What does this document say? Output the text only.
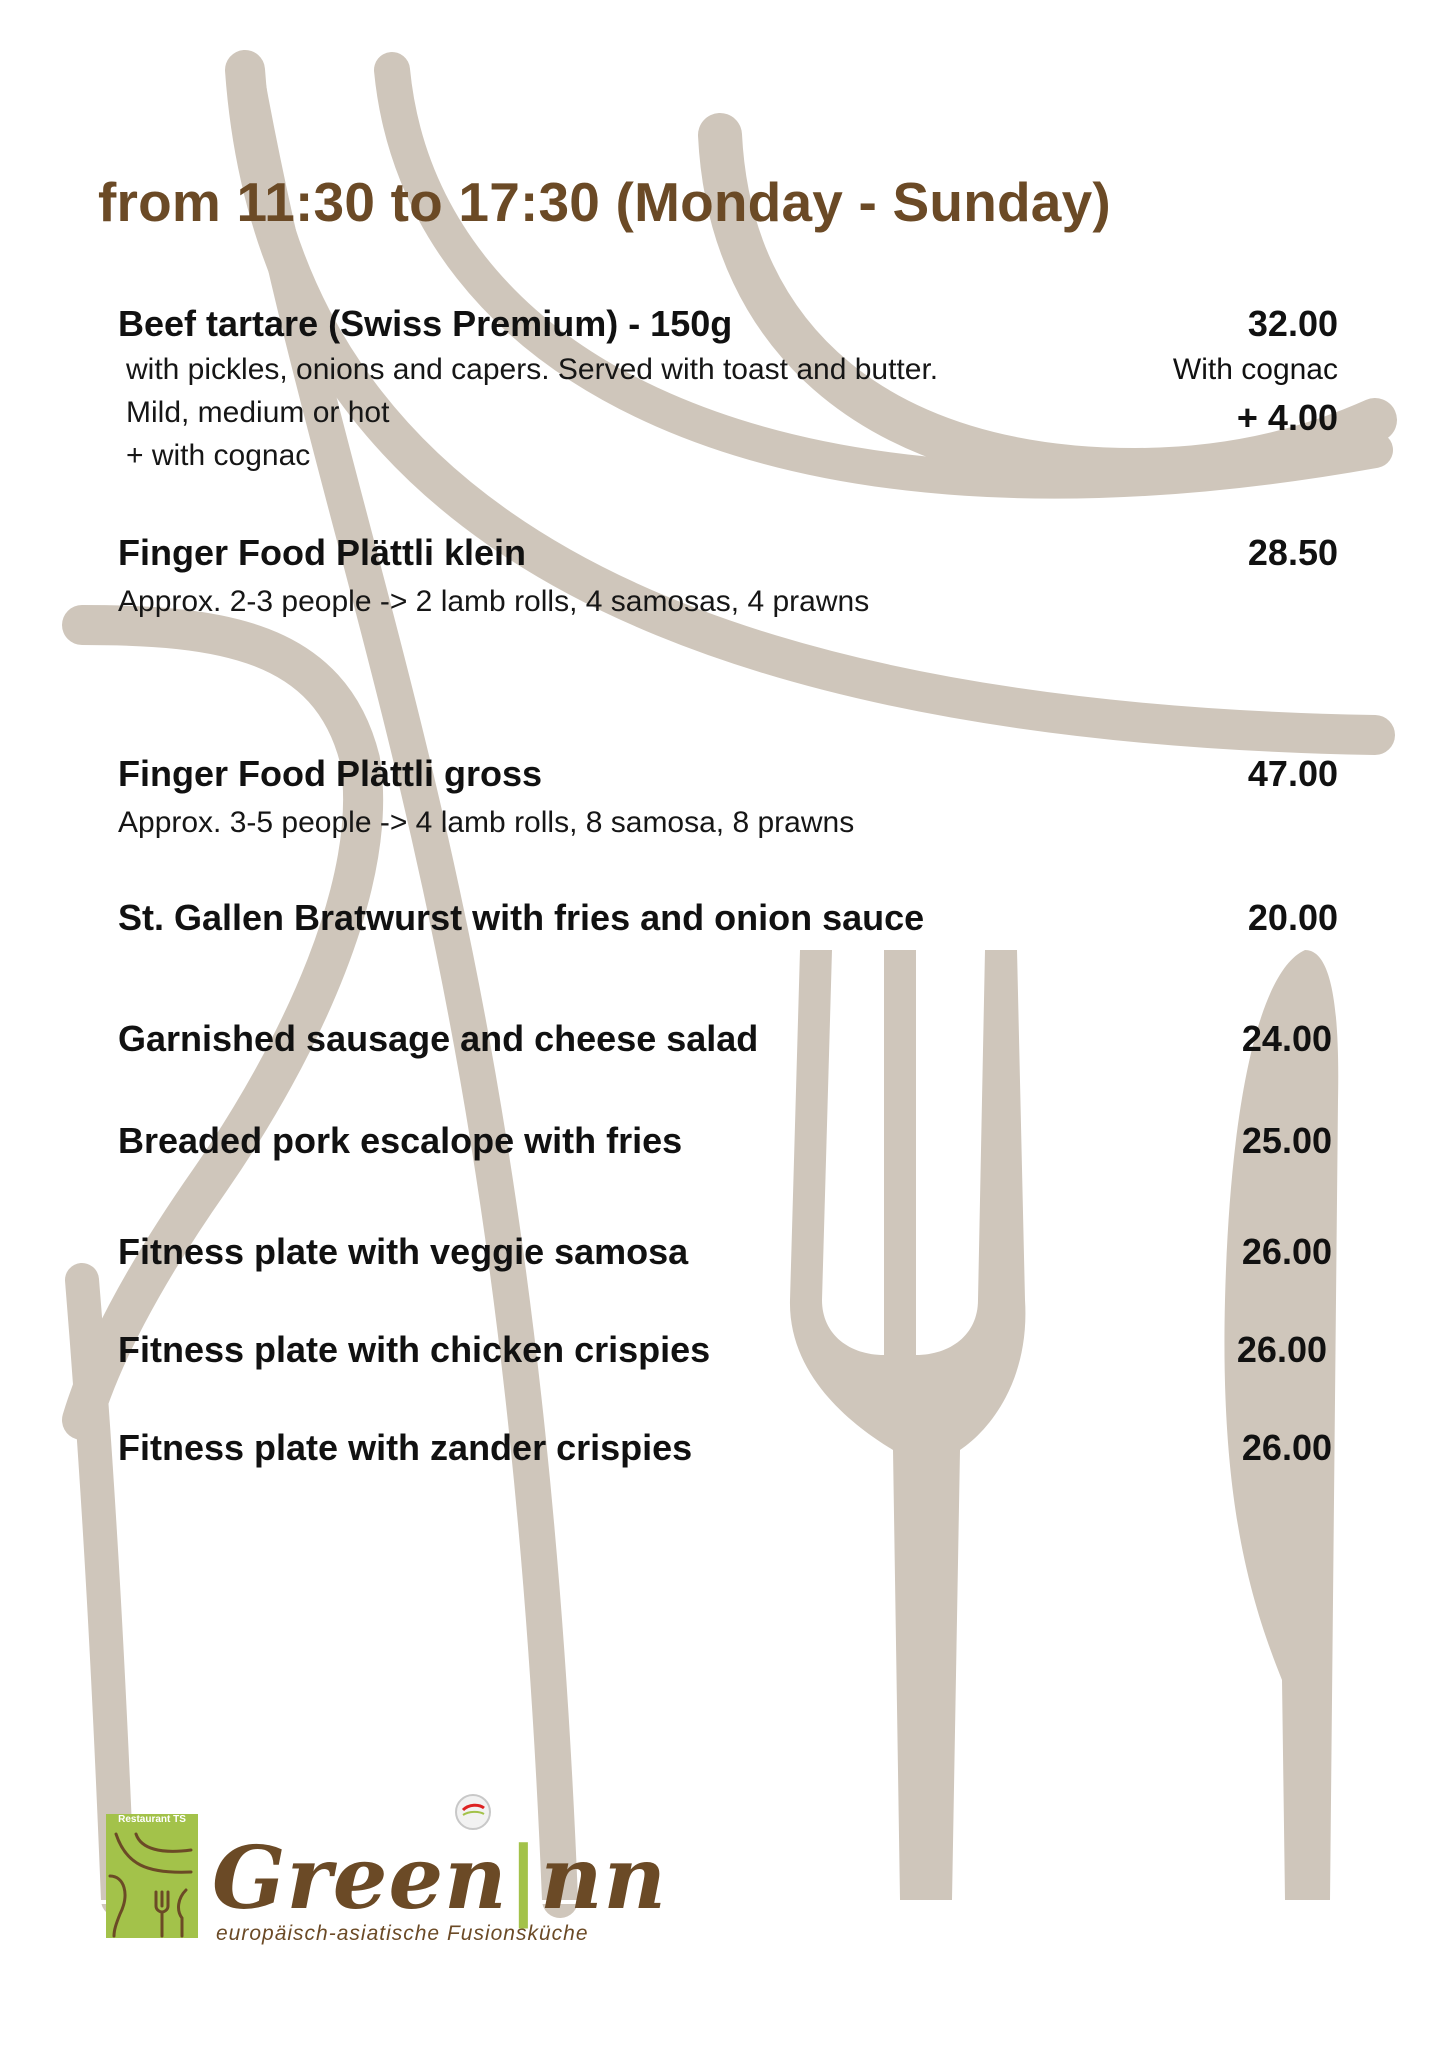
from 11:30 to 17:30 (Monday - Sunday)
Beef tartare (Swiss Premium) - 150g	32.00
with pickles, onions and capers. Served with toast and butter.
Mild, medium or hot
+ with cognac
With cognac
+ 4.00
Finger Food Plättli klein	28.50
Approx. 2-3 people -> 2 lamb rolls, 4 samosas, 4 prawns
Finger Food Plättli gross	47.00
Approx. 3-5 people -> 4 lamb rolls, 8 samosa, 8 prawns
St. Gallen Bratwurst with fries and onion sauce	20.00
Garnished sausage and cheese salad	24.00
Breaded pork escalope with fries	25.00
Fitness plate with veggie samosa	26.00
Fitness plate with chicken crispies	26.00
Fitness plate with zander crispies	26.00
Restaurant TS
Green|nn
europäisch-asiatische Fusionsküche
